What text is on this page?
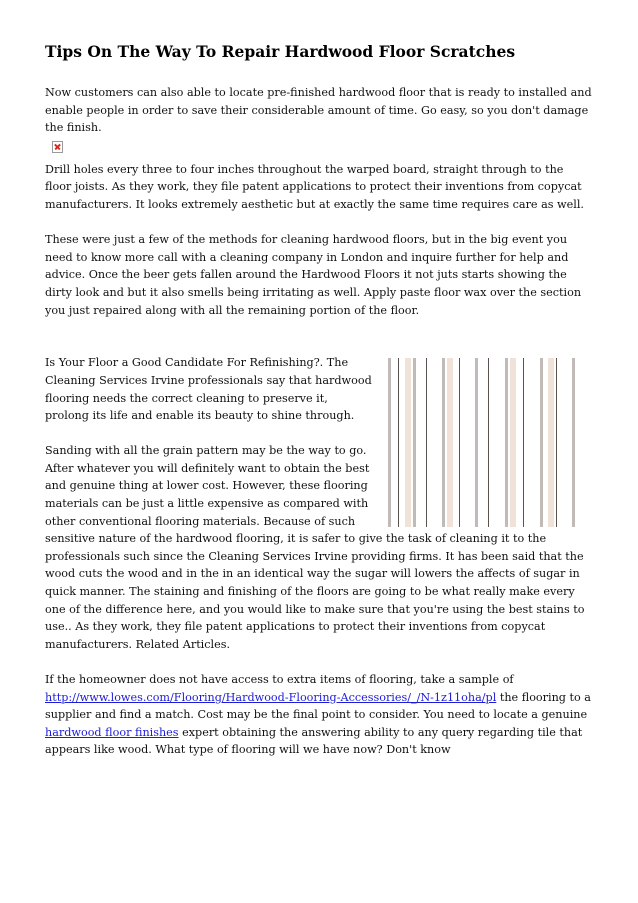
Tips On The Way To Repair Hardwood Floor Scratches

Now customers can also able to locate pre-finished hardwood floor that is ready to installed and enable people in order to save their considerable amount of time. Go easy, so you don't damage the finish.

Drill holes every three to four inches throughout the warped board, straight through to the floor joists. As they work, they file patent applications to protect their inventions from copycat manufacturers. It looks extremely aesthetic but at exactly the same time requires care as well.

These were just a few of the methods for cleaning hardwood floors, but in the big event you need to know more call with a cleaning company in London and inquire further for help and advice. Once the beer gets fallen around the Hardwood Floors it not juts starts showing the dirty look and but it also smells being irritating as well. Apply paste floor wax over the section you just repaired along with all the remaining portion of the floor.

Is Your Floor a Good Candidate For Refinishing?. The Cleaning Services Irvine professionals say that hardwood flooring needs the correct cleaning to preserve it, prolong its life and enable its beauty to shine through.

Sanding with all the grain pattern may be the way to go. After whatever you will definitely want to obtain the best and genuine thing at lower cost. However, these flooring materials can be just a little expensive as compared with other conventional flooring materials. Because of such sensitive nature of the hardwood flooring, it is safer to give the task of cleaning it to the professionals such since the Cleaning Services Irvine providing firms. It has been said that the wood cuts the wood and in the in an identical way the sugar will lowers the affects of sugar in quick manner. The staining and finishing of the floors are going to be what really make every one of the difference here, and you would like to make sure that you're using the best stains to use.. As they work, they file patent applications to protect their inventions from copycat manufacturers. Related Articles.

If the homeowner does not have access to extra items of flooring, take a sample of http://www.lowes.com/Flooring/Hardwood-Flooring-Accessories/_/N-1z11oha/pl the flooring to a supplier and find a match. Cost may be the final point to consider. You need to locate a genuine hardwood floor finishes expert obtaining the answering ability to any query regarding tile that appears like wood. What type of flooring will we have now? Don't know
